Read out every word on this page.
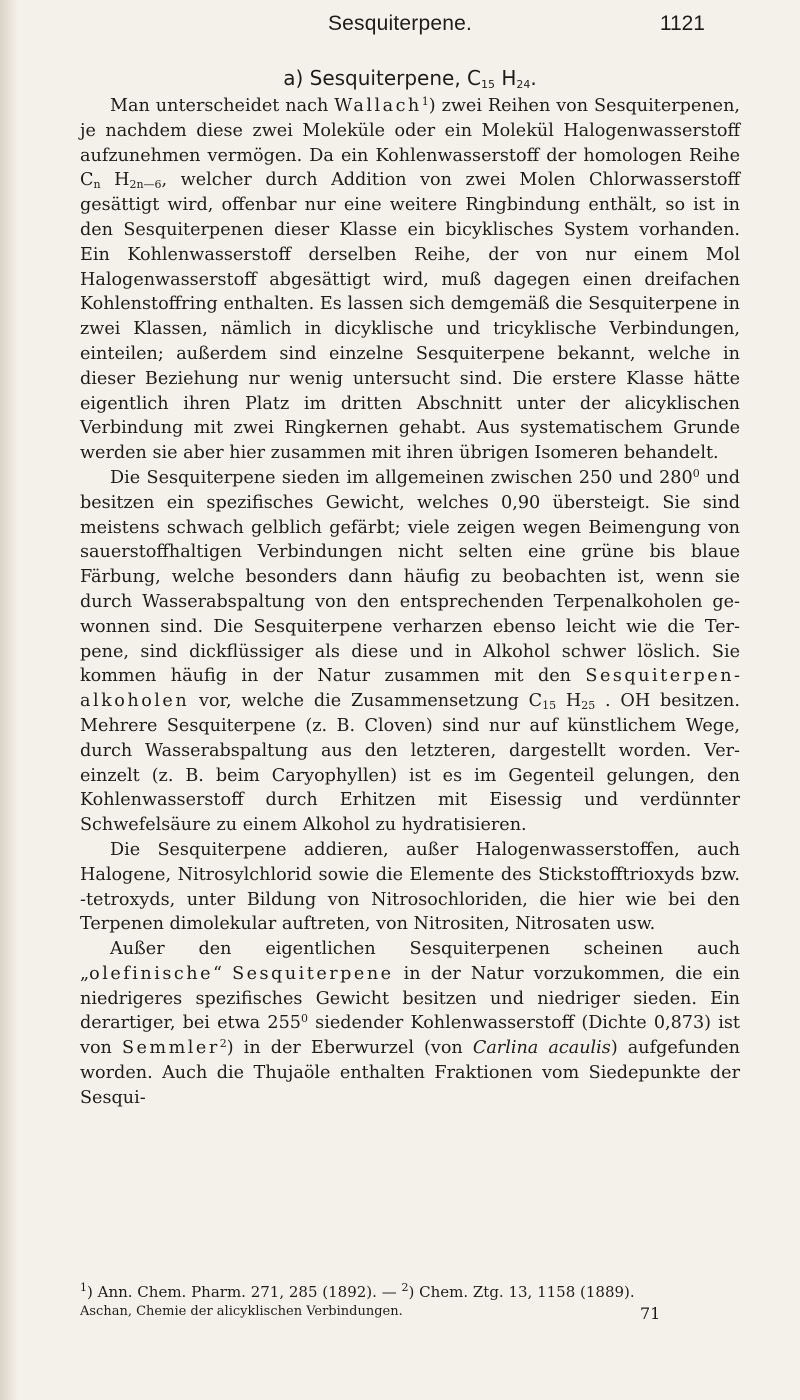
Sesquiterpene.	1121
a) Sesquiterpene, $C_{15}$ $H_{24}$.

Man unterscheidet nach Wallach$^1$) zwei Reihen von Sesquiterpenen, je nachdem diese zwei Moleküle oder ein Molekül Halogenwasserstoff aufzunehmen vermögen. Da ein Kohlenwasserstoff der homologen Reihe $C_n$ $H_{2n—6}$, welcher durch Addition von zwei Molen Chlorwasserstoff gesättigt wird, offenbar nur eine weitere Ringbindung enthält, so ist in den Sesquiterpenen dieser Klasse ein bicyklisches System vorhanden. Ein Kohlenwasserstoff derselben Reihe, der von nur einem Mol Halogenwasserstoff abgesättigt wird, muß dagegen einen dreifachen Kohlenstoffring enthalten. Es lassen sich demgemäß die Sesquiterpene in zwei Klassen, nämlich in dicyklische und tricyklische Verbindungen, einteilen; außerdem sind einzelne Sesquiterpene bekannt, welche in dieser Beziehung nur wenig untersucht sind. Die erstere Klasse hätte eigentlich ihren Platz im dritten Abschnitt unter der alicyklischen Verbindung mit zwei Ringkernen gehabt. Aus systematischem Grunde werden sie aber hier zusammen mit ihren übrigen Isomeren behandelt.

Die Sesquiterpene sieden im allgemeinen zwischen 250 und $280^0$ und besitzen ein spezifisches Gewicht, welches 0,90 übersteigt. Sie sind meistens schwach gelblich gefärbt; viele zeigen wegen Beimengung von sauerstoffhaltigen Verbindungen nicht selten eine grüne bis blaue Färbung, welche besonders dann häufig zu beobachten ist, wenn sie durch Wasserabspaltung von den entsprechenden Terpenalkoholen gewonnen sind. Die Sesquiterpene verharzen ebenso leicht wie die Terpene, sind dickflüssiger als diese und in Alkohol schwer löslich. Sie kommen häufig in der Natur zusammen mit den Sesquiterpenalkoholen vor, welche die Zusammensetzung $C_{15}$ $H_{25}$ . OH besitzen. Mehrere Sesquiterpene (z. B. Cloven) sind nur auf künstlichem Wege, durch Wasserabspaltung aus den letzteren, dargestellt worden. Vereinzelt (z. B. beim Caryophyllen) ist es im Gegenteil gelungen, den Kohlenwasserstoff durch Erhitzen mit Eisessig und verdünnter Schwefelsäure zu einem Alkohol zu hydratisieren.

Die Sesquiterpene addieren, außer Halogenwasserstoffen, auch Halogene, Nitrosylchlorid sowie die Elemente des Stickstofftrioxyds bzw. -tetroxyds, unter Bildung von Nitrosochloriden, die hier wie bei den Terpenen dimolekular auftreten, von Nitrositen, Nitrosaten usw.

Außer den eigentlichen Sesquiterpenen scheinen auch „olefinische“ Sesquiterpene in der Natur vorzukommen, die ein niedrigeres spezifisches Gewicht besitzen und niedriger sieden. Ein derartiger, bei etwa $255^0$ siedender Kohlenwasserstoff (Dichte 0,873) ist von Semmler$^2$) in der Eberwurzel (von Carlina acaulis) aufgefunden worden. Auch die Thujaöle enthalten Fraktionen vom Siedepunkte der Sesqui-

$^1$) Ann. Chem. Pharm. 271, 285 (1892). — $^2$) Chem. Ztg. 13, 1158 (1889).
Aschan, Chemie der alicyklischen Verbindungen.	71
